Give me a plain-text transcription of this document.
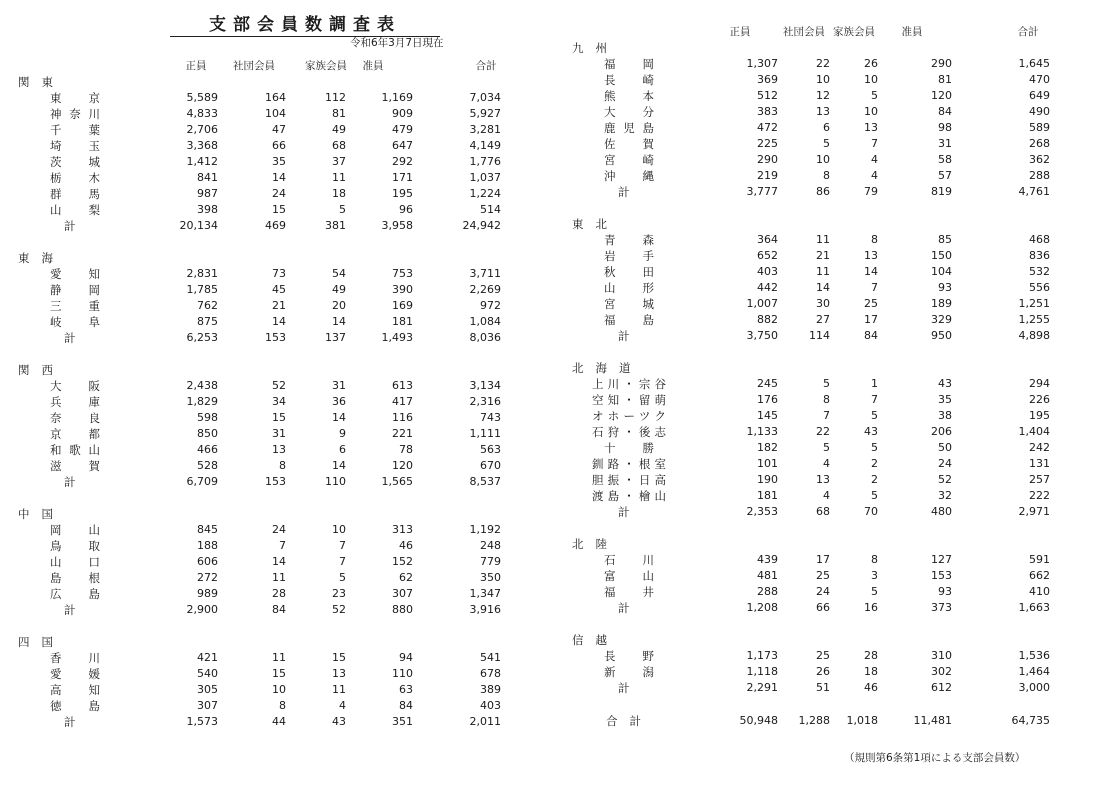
支部会員数調査表
令和6年3月7日現在
正員	社団会員	家族会員	准員	合計
関東
東京	5,589	164	112	1,169	7,034
神奈川	4,833	104	81	909	5,927
千葉	2,706	47	49	479	3,281
埼玉	3,368	66	68	647	4,149
茨城	1,412	35	37	292	1,776
栃木	841	14	11	171	1,037
群馬	987	24	18	195	1,224
山梨	398	15	5	96	514
計	20,134	469	381	3,958	24,942
東海
愛知	2,831	73	54	753	3,711
静岡	1,785	45	49	390	2,269
三重	762	21	20	169	972
岐阜	875	14	14	181	1,084
計	6,253	153	137	1,493	8,036
関西
大阪	2,438	52	31	613	3,134
兵庫	1,829	34	36	417	2,316
奈良	598	15	14	116	743
京都	850	31	9	221	1,111
和歌山	466	13	6	78	563
滋賀	528	8	14	120	670
計	6,709	153	110	1,565	8,537
中国
岡山	845	24	10	313	1,192
鳥取	188	7	7	46	248
山口	606	14	7	152	779
島根	272	11	5	62	350
広島	989	28	23	307	1,347
計	2,900	84	52	880	3,916
四国
香川	421	11	15	94	541
愛媛	540	15	13	110	678
高知	305	10	11	63	389
徳島	307	8	4	84	403
計	1,573	44	43	351	2,011
正員	社団会員 家族会員	准員	合計
九州
福岡	1,307	22	26	290	1,645
長崎	369	10	10	81	470
熊本	512	12	5	120	649
大分	383	13	10	84	490
鹿児島	472	6	13	98	589
佐賀	225	5	7	31	268
宮崎	290	10	4	58	362
沖縄	219	8	4	57	288
計	3,777	86	79	819	4,761
東北
青森	364	11	8	85	468
岩手	652	21	13	150	836
秋田	403	11	14	104	532
山形	442	14	7	93	556
宮城	1,007	30	25	189	1,251
福島	882	27	17	329	1,255
計	3,750	114	84	950	4,898
北海道
上川・宗谷	245	5	1	43	294
空知・留萌	176	8	7	35	226
オホーツク	145	7	5	38	195
石狩・後志	1,133	22	43	206	1,404
十勝	182	5	5	50	242
釧路・根室	101	4	2	24	131
胆振・日高	190	13	2	52	257
渡島・檜山	181	4	5	32	222
計	2,353	68	70	480	2,971
北陸
石川	439	17	8	127	591
富山	481	25	3	153	662
福井	288	24	5	93	410
計	1,208	66	16	373	1,663
信越
長野	1,173	25	28	310	1,536
新潟	1,118	26	18	302	1,464
計	2,291	51	46	612	3,000
合計	50,948	1,288	1,018	11,481	64,735
（規則第6条第1項による支部会員数）
